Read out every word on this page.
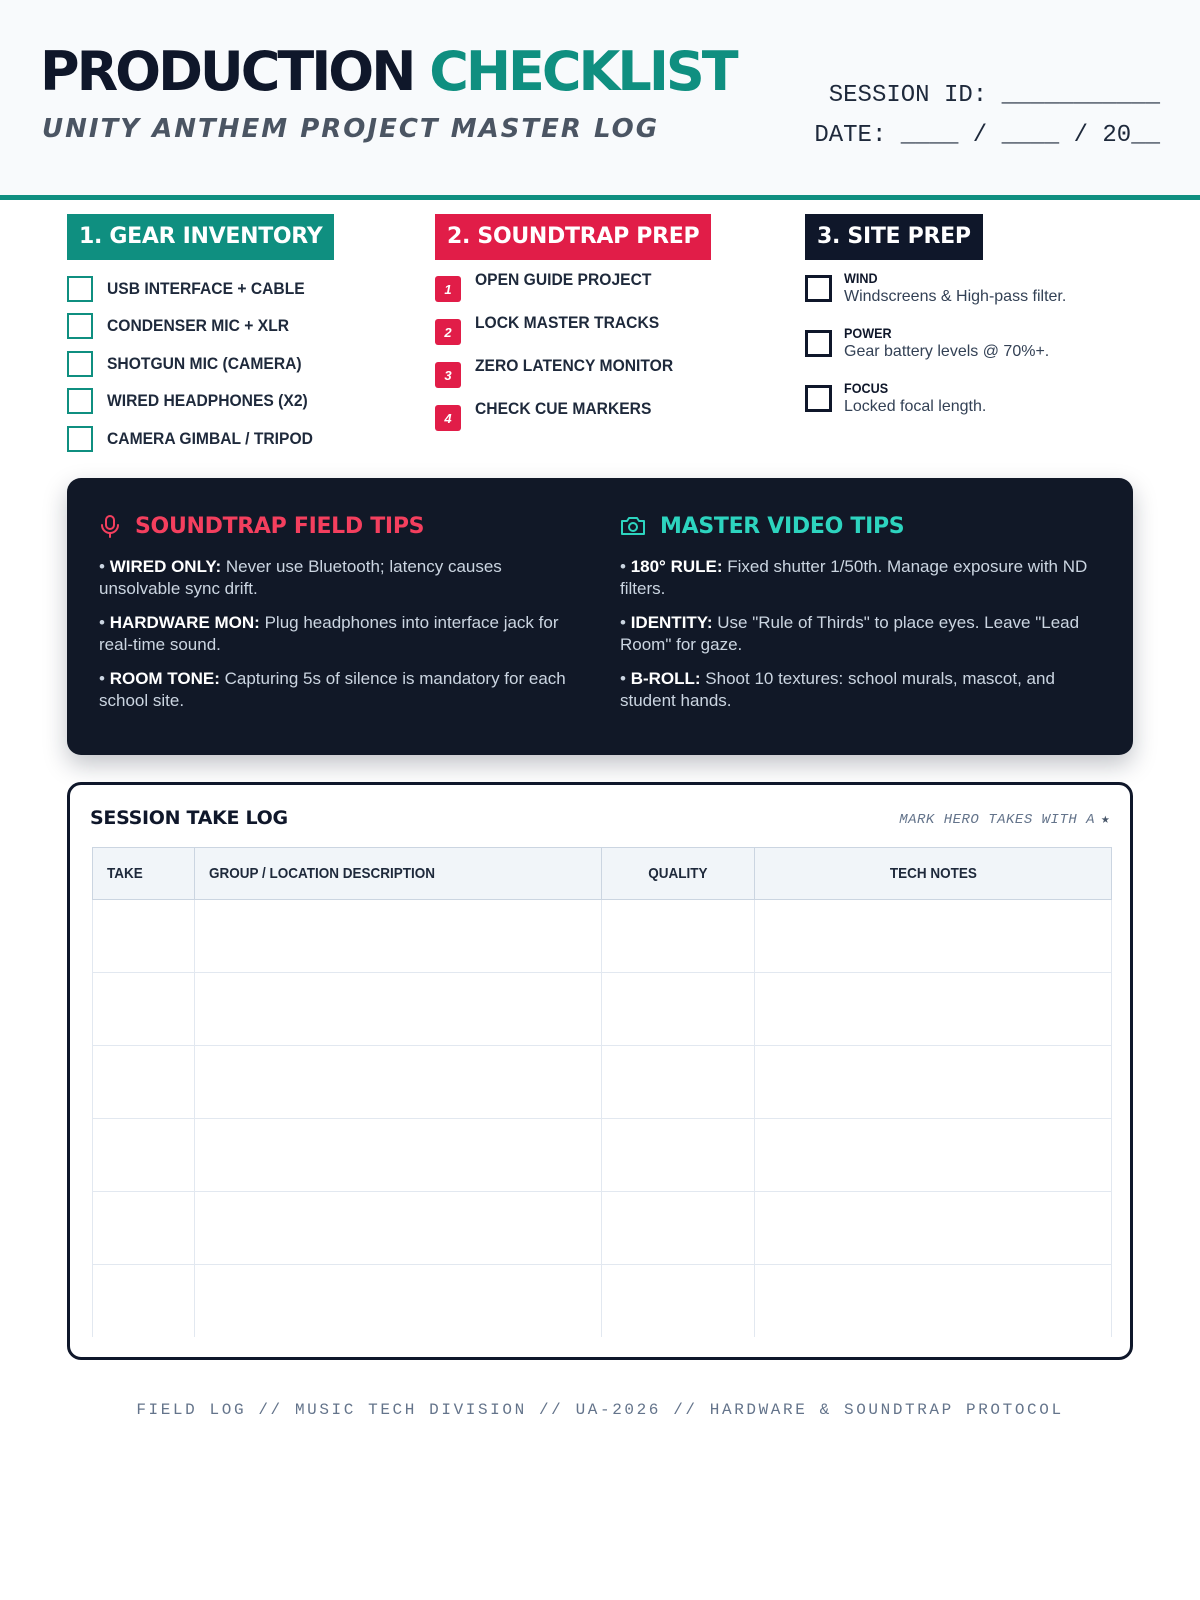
PRODUCTION CHECKLIST
UNITY ANTHEM PROJECT MASTER LOG
SESSION ID: ___________
DATE: ____ / ____ / 20__
1. GEAR INVENTORY
USB INTERFACE + CABLE
CONDENSER MIC + XLR
SHOTGUN MIC (CAMERA)
WIRED HEADPHONES (X2)
CAMERA GIMBAL / TRIPOD
2. SOUNDTRAP PREP
1	OPEN GUIDE PROJECT
2	LOCK MASTER TRACKS
3	ZERO LATENCY MONITOR
4	CHECK CUE MARKERS
3. SITE PREP
WIND
Windscreens & High-pass filter.
POWER
Gear battery levels @ 70%+.
FOCUS
Locked focal length.
SOUNDTRAP FIELD TIPS
• WIRED ONLY: Never use Bluetooth; latency causes unsolvable sync drift.
• HARDWARE MON: Plug headphones into interface jack for real-time sound.
• ROOM TONE: Capturing 5s of silence is mandatory for each school site.
MASTER VIDEO TIPS
• 180° RULE: Fixed shutter 1/50th. Manage exposure with ND filters.
• IDENTITY: Use "Rule of Thirds" to place eyes. Leave "Lead Room" for gaze.
• B-ROLL: Shoot 10 textures: school murals, mascot, and student hands.
SESSION TAKE LOG	MARK HERO TAKES WITH A ★
TAKE	GROUP / LOCATION DESCRIPTION	QUALITY	TECH NOTES

FIELD LOG // MUSIC TECH DIVISION // UA-2026 // HARDWARE & SOUNDTRAP PROTOCOL
